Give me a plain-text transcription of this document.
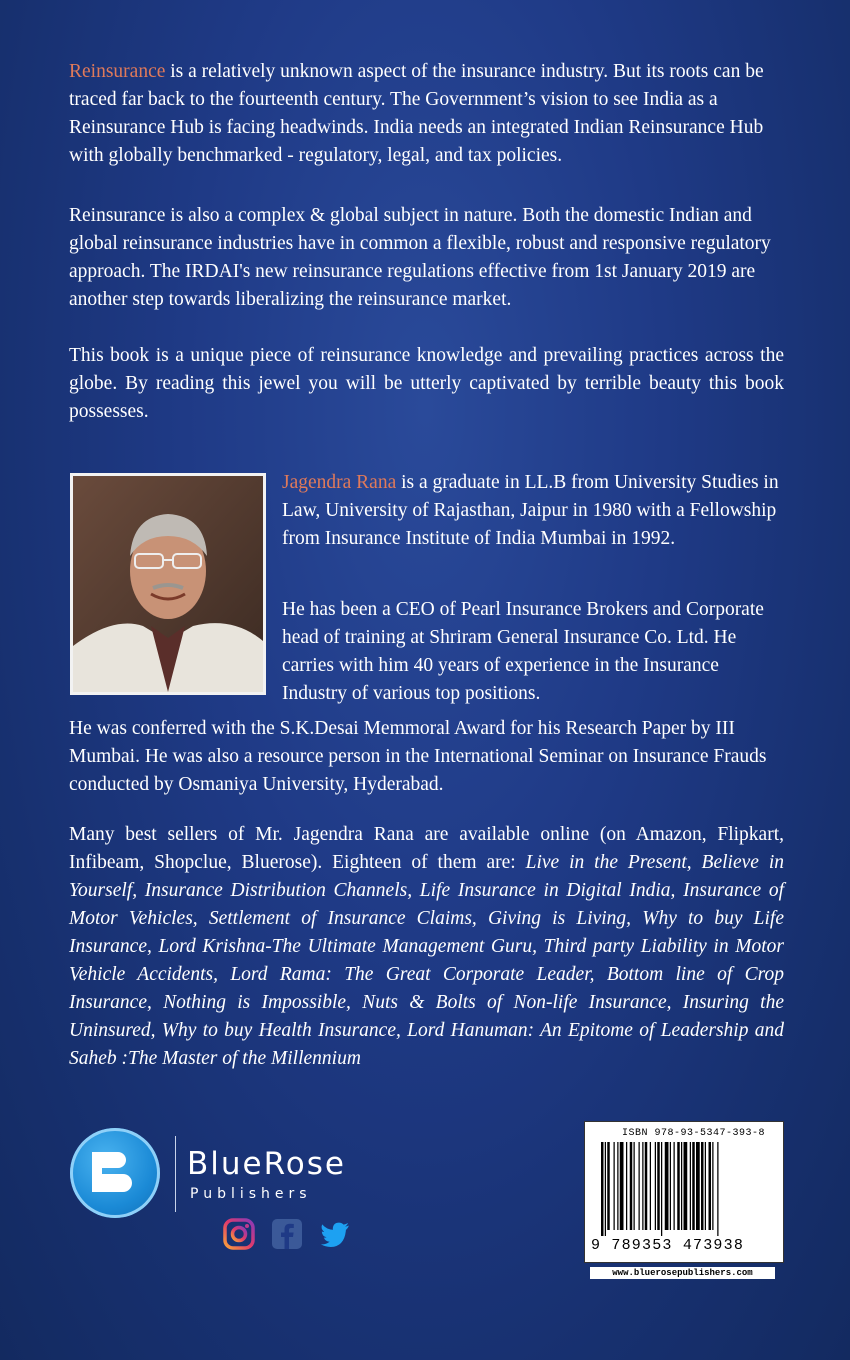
Reinsurance is a relatively unknown aspect of the insurance industry. But its roots can be traced far back to the fourteenth century. The Government’s vision to see India as a Reinsurance Hub is facing headwinds. India needs an integrated Indian Reinsurance Hub with globally benchmarked - regulatory, legal, and tax policies.
Reinsurance is also a complex & global subject in nature. Both the domestic Indian and global reinsurance industries have in common a flexible, robust and responsive regulatory approach. The IRDAI's new reinsurance regulations effective from 1st January 2019 are another step towards liberalizing the reinsurance market.
This book is a unique piece of reinsurance knowledge and prevailing practices across the globe. By reading this jewel you will be utterly captivated by terrible beauty this book possesses.
Jagendra Rana is a graduate in LL.B from University Studies in Law, University of Rajasthan, Jaipur in 1980 with a Fellowship from Insurance Institute of India Mumbai in 1992.
He has been a CEO of Pearl Insurance Brokers and Corporate head of training at Shriram General Insurance Co. Ltd. He carries with him 40 years of experience in the Insurance Industry of various top positions.
He was conferred with the S.K.Desai Memmoral Award for his Research Paper by III Mumbai. He was also a resource person in the International Seminar on Insurance Frauds conducted by Osmaniya University, Hyderabad.
Many best sellers of Mr. Jagendra Rana are available online (on Amazon, Flipkart, Infibeam, Shopclue, Bluerose). Eighteen of them are: Live in the Present, Believe in Yourself, Insurance Distribution Channels, Life Insurance in Digital India, Insurance of Motor Vehicles, Settlement of Insurance Claims, Giving is Living, Why to buy Life Insurance, Lord Krishna-The Ultimate Management Guru, Third party Liability in Motor Vehicle Accidents, Lord Rama: The Great Corporate Leader, Bottom line of Crop Insurance, Nothing is Impossible, Nuts & Bolts of Non-life Insurance, Insuring the Uninsured, Why to buy Health Insurance, Lord Hanuman: An Epitome of Leadership and Saheb :The Master of the Millennium
BlueRose
Publishers
ISBN 978-93-5347-393-8
9 789353 473938
www.bluerosepublishers.com
